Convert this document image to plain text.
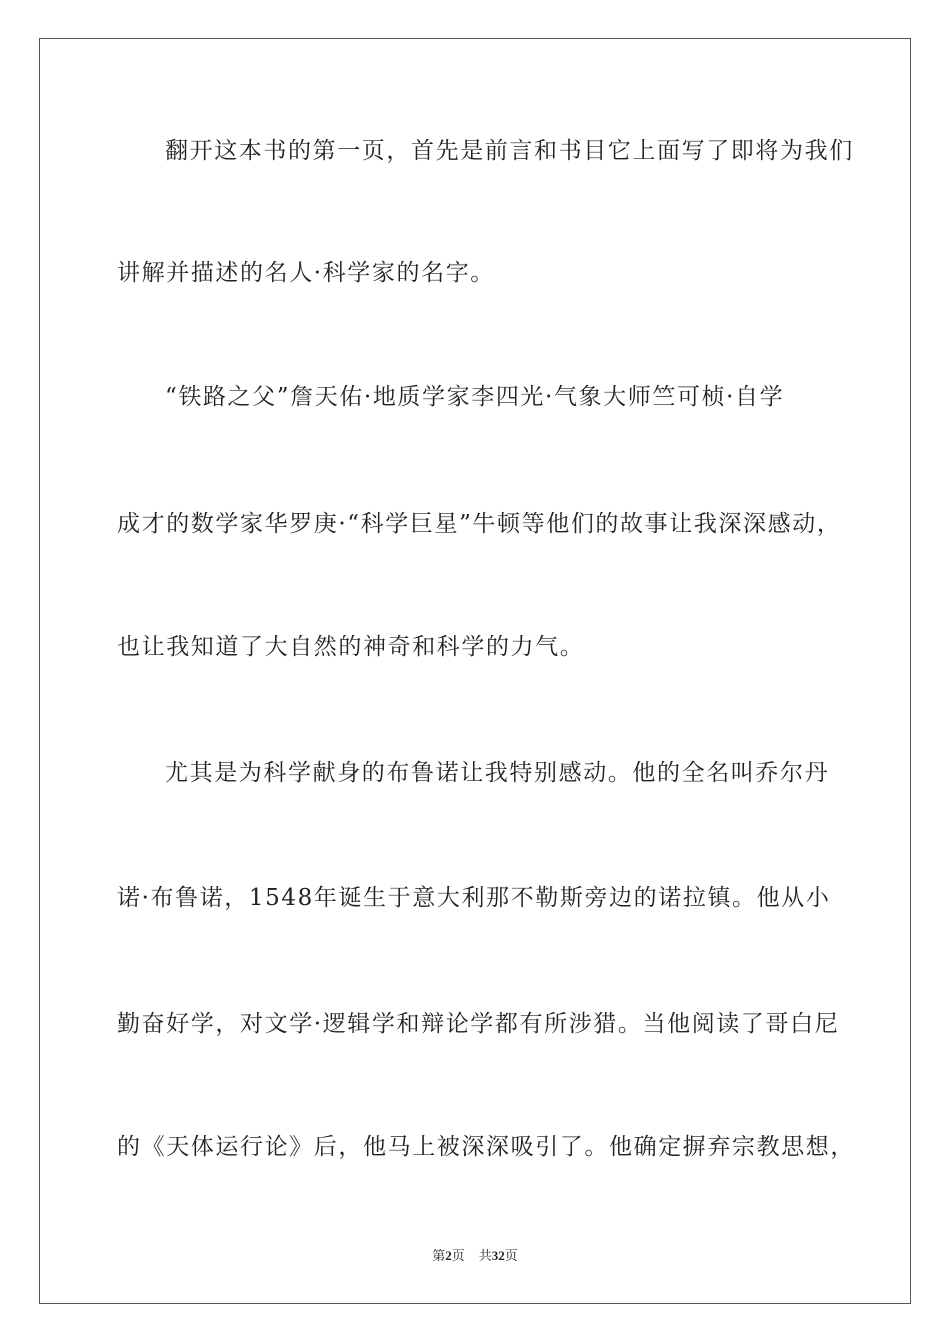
翻开这本书的第一页，首先是前言和书目它上面写了即将为我们
讲解并描述的名人·科学家的名字。
“铁路之父”詹天佑·地质学家李四光·气象大师竺可桢·自学
成才的数学家华罗庚·“科学巨星”牛顿等他们的故事让我深深感动，
也让我知道了大自然的神奇和科学的力气。
尤其是为科学献身的布鲁诺让我特别感动。他的全名叫乔尔丹
诺·布鲁诺，1548年诞生于意大利那不勒斯旁边的诺拉镇。他从小
勤奋好学，对文学·逻辑学和辩论学都有所涉猎。当他阅读了哥白尼
的《天体运行论》后，他马上被深深吸引了。他确定摒弃宗教思想，
第2页 共32页
